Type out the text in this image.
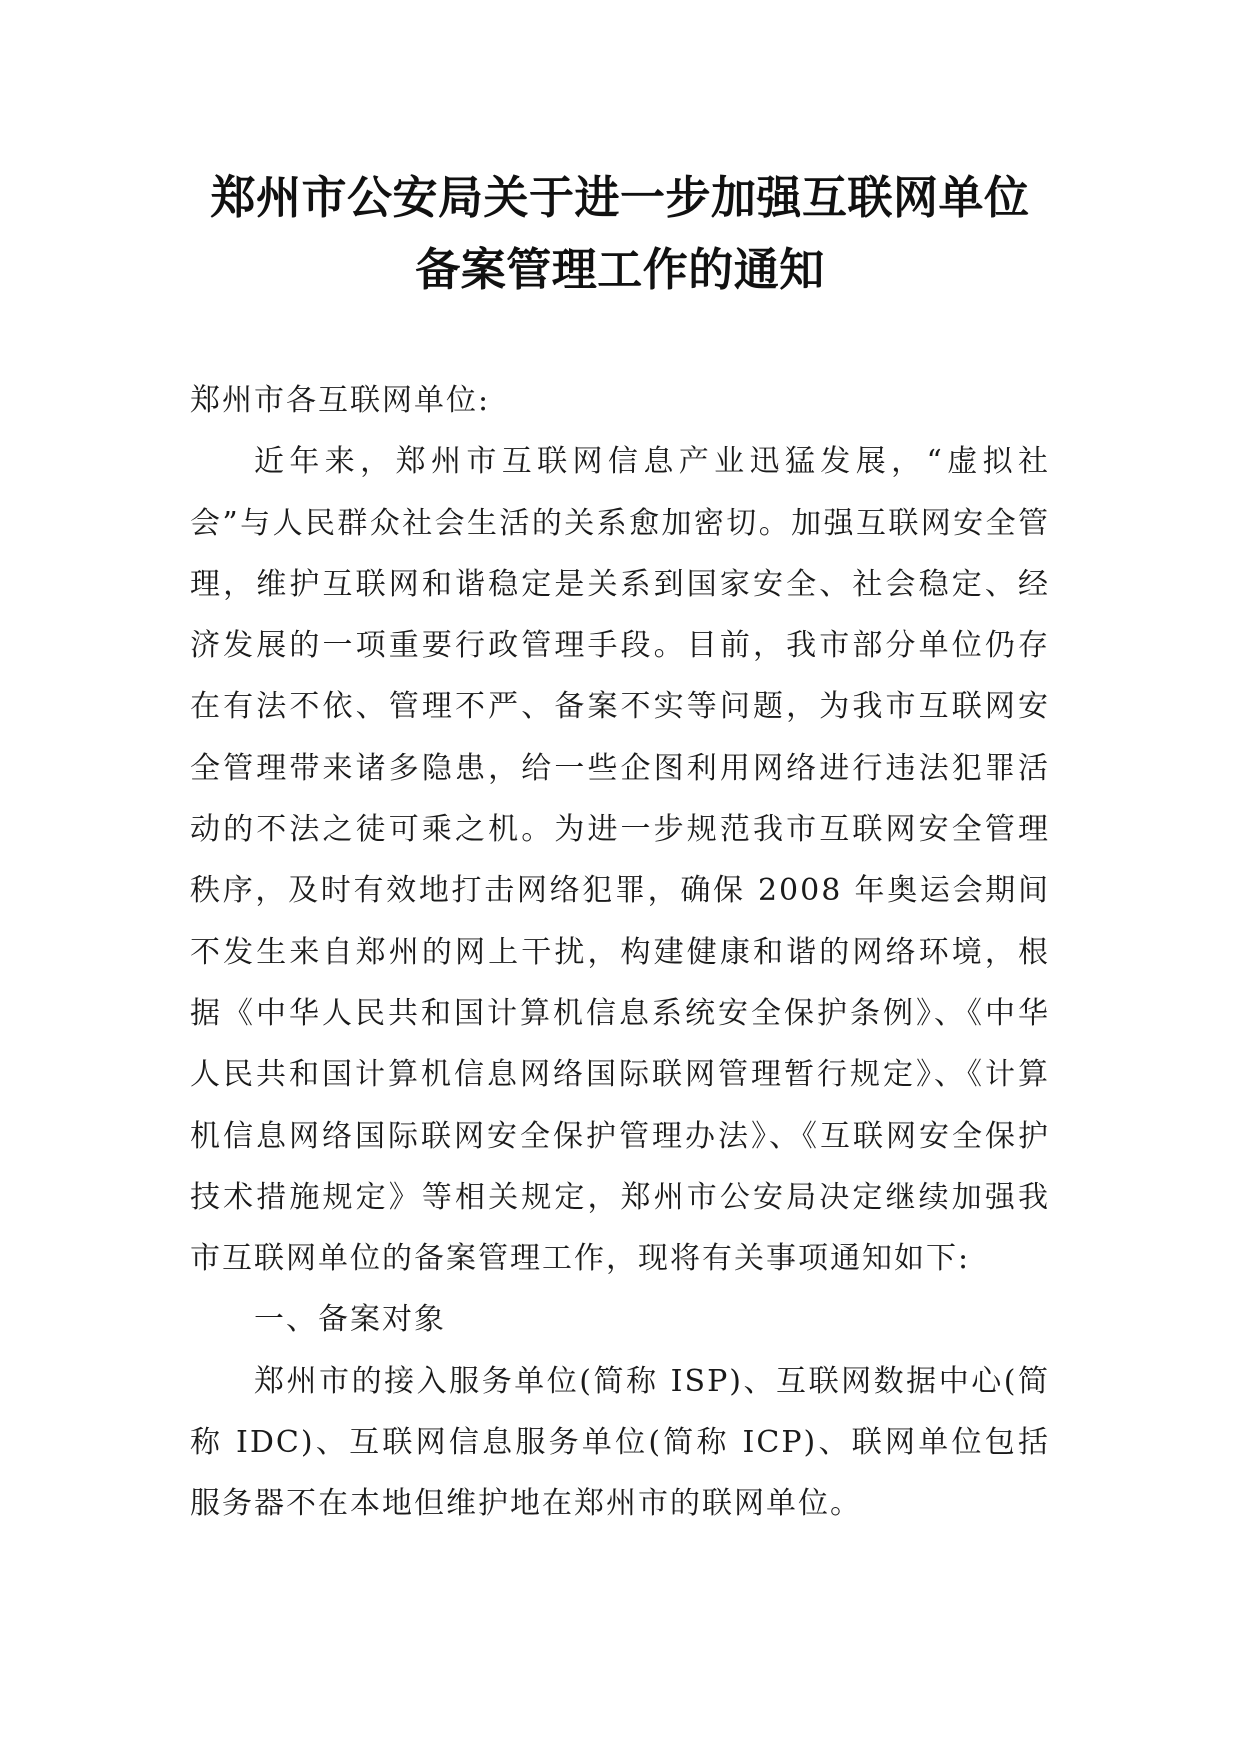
郑州市公安局关于进一步加强互联网单位
备案管理工作的通知
郑州市各互联网单位:

近年来，郑州市互联网信息产业迅猛发展，“虚拟社会”与人民群众社会生活的关系愈加密切。加强互联网安全管理，维护互联网和谐稳定是关系到国家安全、社会稳定、经济发展的一项重要行政管理手段。目前，我市部分单位仍存在有法不依、管理不严、备案不实等问题，为我市互联网安全管理带来诸多隐患，给一些企图利用网络进行违法犯罪活动的不法之徒可乘之机。为进一步规范我市互联网安全管理秩序，及时有效地打击网络犯罪，确保 2008 年奥运会期间不发生来自郑州的网上干扰，构建健康和谐的网络环境，根据《中华人民共和国计算机信息系统安全保护条例》、《中华人民共和国计算机信息网络国际联网管理暂行规定》、《计算机信息网络国际联网安全保护管理办法》、《互联网安全保护技术措施规定》等相关规定，郑州市公安局决定继续加强我市互联网单位的备案管理工作，现将有关事项通知如下:

一、备案对象

郑州市的接入服务单位(简称 ISP)、互联网数据中心(简称 IDC)、互联网信息服务单位(简称 ICP)、联网单位包括服务器不在本地但维护地在郑州市的联网单位。
